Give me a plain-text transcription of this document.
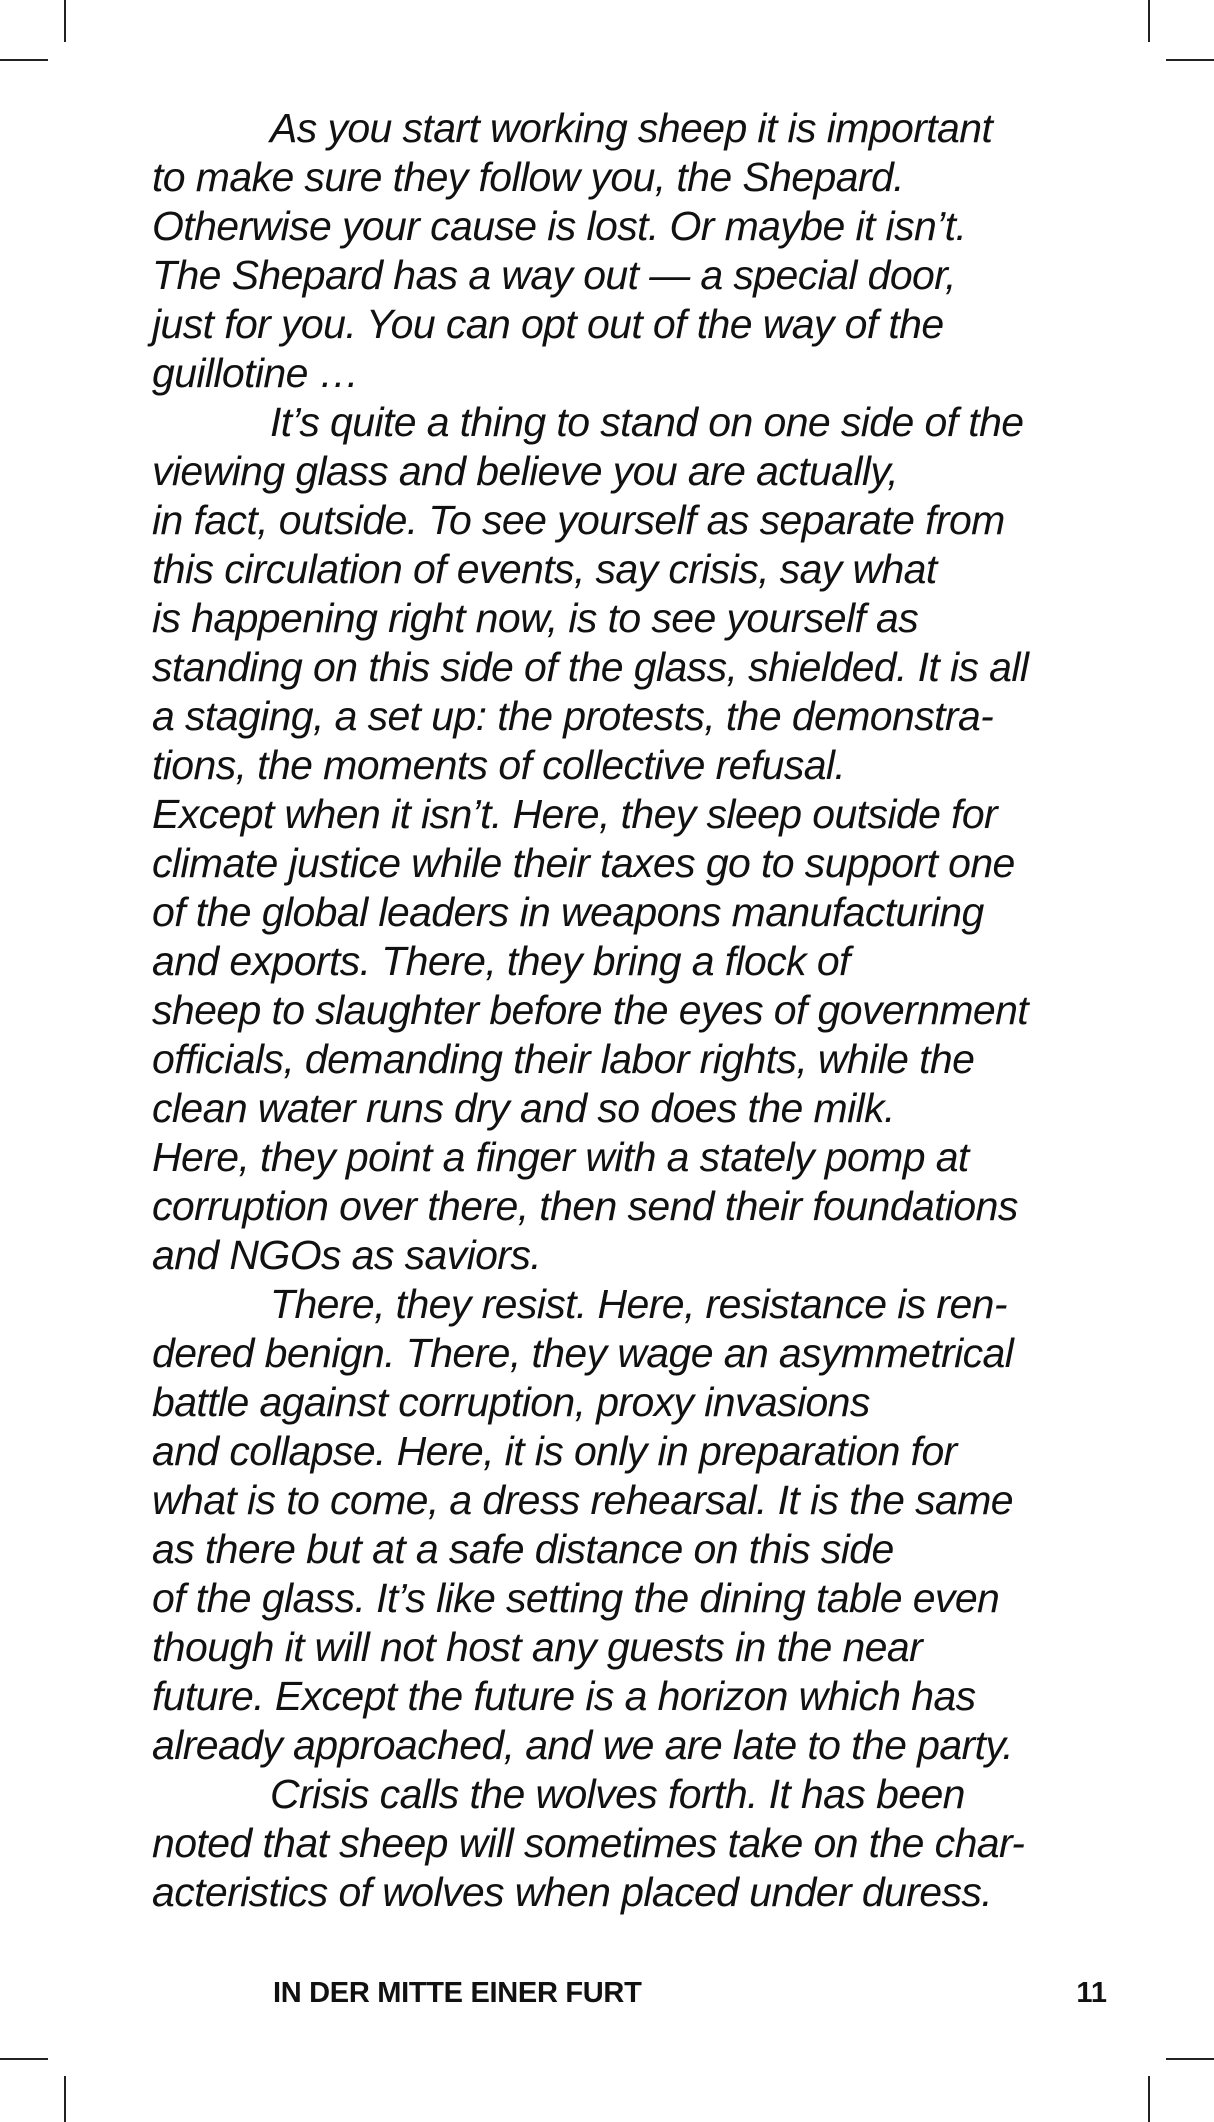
As you start working sheep it is important
to make sure they follow you, the Shepard.
Otherwise your cause is lost. Or maybe it isn’t.
The Shepard has a way out — a special door,
just for you. You can opt out of the way of the
guillotine …
It’s quite a thing to stand on one side of the
viewing glass and believe you are actually,
in fact, outside. To see yourself as separate from
this circulation of events, say crisis, say what
is happening right now, is to see yourself as
standing on this side of the glass, shielded. It is all
a staging, a set up: the protests, the demonstra-
tions, the moments of collective refusal.
Except when it isn’t. Here, they sleep outside for
climate justice while their taxes go to support one
of the global leaders in weapons manufacturing
and exports. There, they bring a flock of
sheep to slaughter before the eyes of government
officials, demanding their labor rights, while the
clean water runs dry and so does the milk.
Here, they point a finger with a stately pomp at
corruption over there, then send their foundations
and NGOs as saviors.
There, they resist. Here, resistance is ren-
dered benign. There, they wage an asymmetrical
battle against corruption, proxy invasions
and collapse. Here, it is only in preparation for
what is to come, a dress rehearsal. It is the same
as there but at a safe distance on this side
of the glass. It’s like setting the dining table even
though it will not host any guests in the near
future. Except the future is a horizon which has
already approached, and we are late to the party.
Crisis calls the wolves forth. It has been
noted that sheep will sometimes take on the char-
acteristics of wolves when placed under duress.
IN DER MITTE EINER FURT	11
